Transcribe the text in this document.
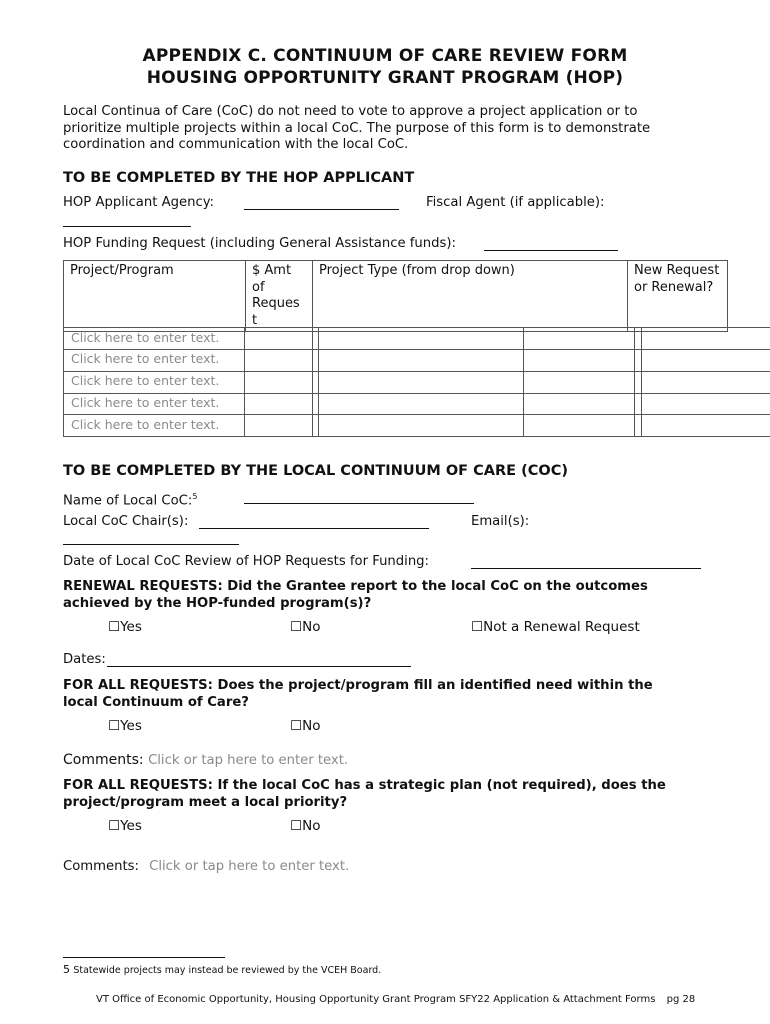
APPENDIX C. CONTINUUM OF CARE REVIEW FORM
HOUSING OPPORTUNITY GRANT PROGRAM (HOP)
Local Continua of Care (CoC) do not need to vote to approve a project application or to
prioritize multiple projects within a local CoC. The purpose of this form is to demonstrate
coordination and communication with the local CoC.
TO BE COMPLETED BY THE HOP APPLICANT
HOP Applicant Agency:	Fiscal Agent (if applicable):
HOP Funding Request (including General Assistance funds):
Project/Program	$ Amt of Reques t	Project Type (from drop down)	New Request or Renewal?
Click here to enter text.
Click here to enter text.
Click here to enter text.
Click here to enter text.
Click here to enter text.
TO BE COMPLETED BY THE LOCAL CONTINUUM OF CARE (COC)
Name of Local CoC:$^5$
Local CoC Chair(s):	Email(s):
Date of Local CoC Review of HOP Requests for Funding:
RENEWAL REQUESTS: Did the Grantee report to the local CoC on the outcomes
achieved by the HOP-funded program(s)?
☐Yes	☐No	☐Not a Renewal Request
Dates:
FOR ALL REQUESTS: Does the project/program fill an identified need within the
local Continuum of Care?
☐Yes	☐No
Comments: Click or tap here to enter text.
FOR ALL REQUESTS: If the local CoC has a strategic plan (not required), does the
project/program meet a local priority?
☐Yes	☐No
Comments: Click or tap here to enter text.
5 Statewide projects may instead be reviewed by the VCEH Board.
VT Office of Economic Opportunity, Housing Opportunity Grant Program SFY22 Application & Attachment Forms pg 28
